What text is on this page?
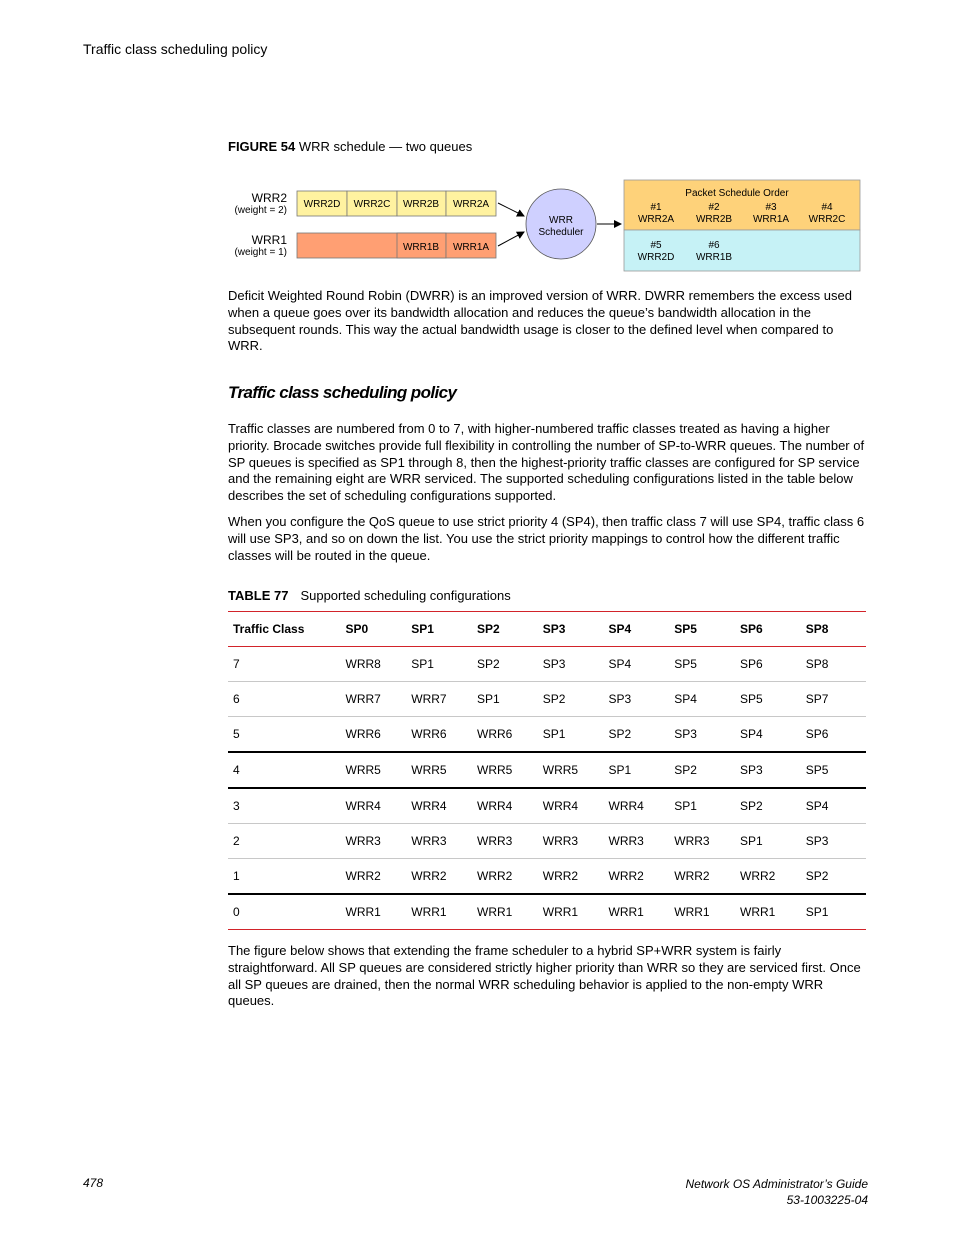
Traffic class scheduling policy
FIGURE 54 WRR schedule — two queues
WRR2
(weight = 2)
WRR1
(weight = 1)
WRR2D WRR2C WRR2B WRR2A
WRR1B WRR1A
WRR
Scheduler
Packet Schedule Order
#1
WRR2A
#2
WRR2B
#3
WRR1A
#4
WRR2C
#5
WRR2D
#6
WRR1B

Deficit Weighted Round Robin (DWRR) is an improved version of WRR. DWRR remembers the excess used when a queue goes over its bandwidth allocation and reduces the queue’s bandwidth allocation in the subsequent rounds. This way the actual bandwidth usage is closer to the defined level when compared to WRR.

Traffic class scheduling policy

Traffic classes are numbered from 0 to 7, with higher-numbered traffic classes treated as having a higher priority. Brocade switches provide full flexibility in controlling the number of SP-to-WRR queues. The number of SP queues is specified as SP1 through 8, then the highest-priority traffic classes are configured for SP service and the remaining eight are WRR serviced. The supported scheduling configurations listed in the table below describes the set of scheduling configurations supported.

When you configure the QoS queue to use strict priority 4 (SP4), then traffic class 7 will use SP4, traffic class 6 will use SP3, and so on down the list. You use the strict priority mappings to control how the different traffic classes will be routed in the queue.

TABLE 77 Supported scheduling configurations
Traffic Class	SP0	SP1	SP2	SP3	SP4	SP5	SP6	SP8
7	WRR8	SP1	SP2	SP3	SP4	SP5	SP6	SP8
6	WRR7	WRR7	SP1	SP2	SP3	SP4	SP5	SP7
5	WRR6	WRR6	WRR6	SP1	SP2	SP3	SP4	SP6
4	WRR5	WRR5	WRR5	WRR5	SP1	SP2	SP3	SP5
3	WRR4	WRR4	WRR4	WRR4	WRR4	SP1	SP2	SP4
2	WRR3	WRR3	WRR3	WRR3	WRR3	WRR3	SP1	SP3
1	WRR2	WRR2	WRR2	WRR2	WRR2	WRR2	WRR2	SP2
0	WRR1	WRR1	WRR1	WRR1	WRR1	WRR1	WRR1	SP1

The figure below shows that extending the frame scheduler to a hybrid SP+WRR system is fairly straightforward. All SP queues are considered strictly higher priority than WRR so they are serviced first. Once all SP queues are drained, then the normal WRR scheduling behavior is applied to the non-empty WRR queues.

478	Network OS Administrator’s Guide
53-1003225-04
